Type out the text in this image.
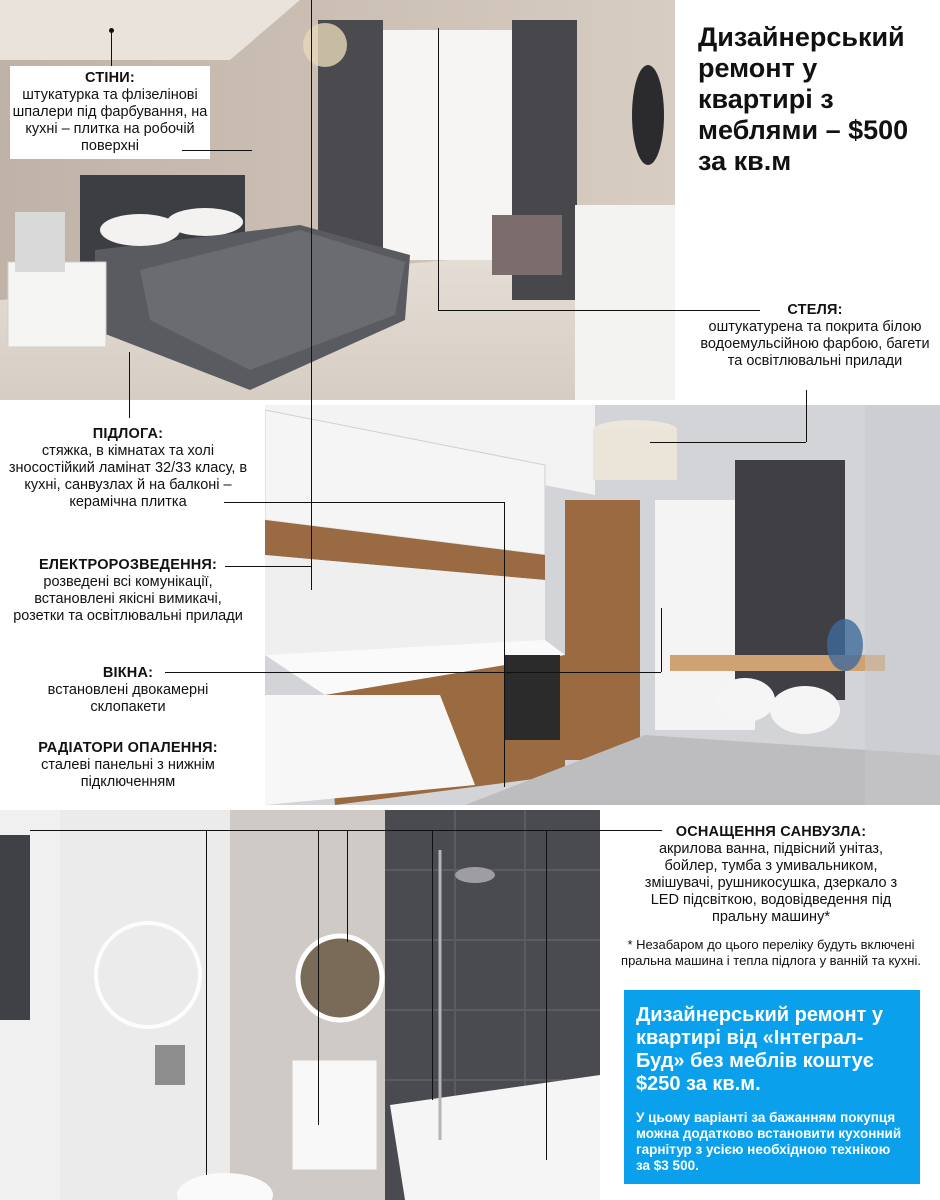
Дизайнерський ремонт у квартирі з меблями – $500 за кв.м
СТІНИ:
штукатурка та флізелінові шпалери під фарбування, на кухні – плитка на робочій поверхні
СТЕЛЯ:
оштукатурена та покрита білою водоемульсійною фарбою, багети та освітлювальні прилади
ПІДЛОГА:
стяжка, в кімнатах та холі зносостійкий ламінат 32/33 класу, в кухні, санвузлах й на балконі – керамічна плитка
ЕЛЕКТРОРОЗВЕДЕННЯ:
розведені всі комунікації, встановлені якісні вимикачі, розетки та освітлювальні прилади
ВІКНА:
встановлені двокамерні склопакети
РАДІАТОРИ ОПАЛЕННЯ:
сталеві панельні з нижнім підключенням
ОСНАЩЕННЯ САНВУЗЛА:
акрилова ванна, підвісний унітаз, бойлер, тумба з умивальником, змішувачі, рушникосушка, дзеркало з LED підсвіткою, водовідведення під пральну машину*
* Незабаром до цього переліку будуть включені пральна машина і тепла підлога у ванній та кухні.
Дизайнерський ремонт у квартирі від «Інтеграл-Буд» без меблів коштує $250 за кв.м.
У цьому варіанті за бажанням покупця можна додатково встановити кухонний гарнітур з усією необхідною технікою за $3 500.
